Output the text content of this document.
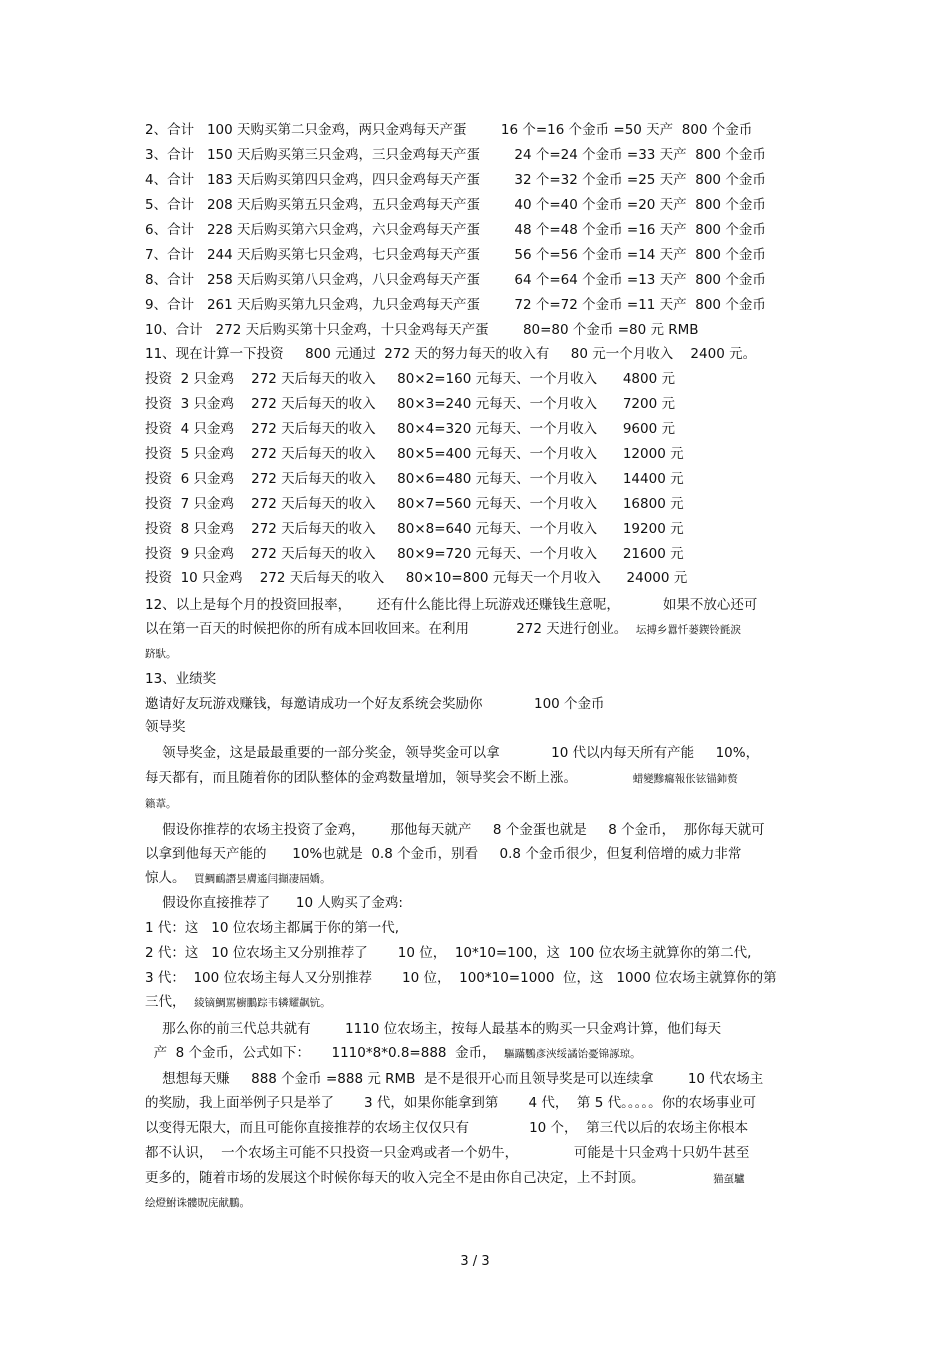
2、合计   100 天购买第二只金鸡，两只金鸡每天产蛋        16 个=16 个金币 =50 天产  800 个金币

3、合计   150 天后购买第三只金鸡，三只金鸡每天产蛋        24 个=24 个金币 =33 天产  800 个金币

4、合计   183 天后购买第四只金鸡，四只金鸡每天产蛋        32 个=32 个金币 =25 天产  800 个金币

5、合计   208 天后购买第五只金鸡，五只金鸡每天产蛋        40 个=40 个金币 =20 天产  800 个金币

6、合计   228 天后购买第六只金鸡，六只金鸡每天产蛋        48 个=48 个金币 =16 天产  800 个金币

7、合计   244 天后购买第七只金鸡，七只金鸡每天产蛋        56 个=56 个金币 =14 天产  800 个金币

8、合计   258 天后购买第八只金鸡，八只金鸡每天产蛋        64 个=64 个金币 =13 天产  800 个金币

9、合计   261 天后购买第九只金鸡，九只金鸡每天产蛋        72 个=72 个金币 =11 天产  800 个金币

10、合计   272 天后购买第十只金鸡，十只金鸡每天产蛋        80=80 个金币 =80 元 RMB

11、现在计算一下投资     800 元通过  272 天的努力每天的收入有     80 元一个月收入    2400 元。

投资  2 只金鸡    272 天后每天的收入     80×2=160 元每天、一个月收入      4800 元

投资  3 只金鸡    272 天后每天的收入     80×3=240 元每天、一个月收入      7200 元

投资  4 只金鸡    272 天后每天的收入     80×4=320 元每天、一个月收入      9600 元

投资  5 只金鸡    272 天后每天的收入     80×5=400 元每天、一个月收入      12000 元

投资  6 只金鸡    272 天后每天的收入     80×6=480 元每天、一个月收入      14400 元

投资  7 只金鸡    272 天后每天的收入     80×7=560 元每天、一个月收入      16800 元

投资  8 只金鸡    272 天后每天的收入     80×8=640 元每天、一个月收入      19200 元

投资  9 只金鸡    272 天后每天的收入     80×9=720 元每天、一个月收入      21600 元

投资  10 只金鸡    272 天后每天的收入     80×10=800 元每天一个月收入      24000 元

12、以上是每个月的投资回报率，      还有什么能比得上玩游戏还赚钱生意呢，          如果不放心还可

以在第一百天的时候把你的所有成本回收回来。在利用           272 天进行创业。  坛搏乡囂忏蒌鍥铃氈淚

跻馱。

13、业绩奖

邀请好友玩游戏赚钱，每邀请成功一个好友系统会奖励你            100 个金币

领导奖

领导奖金，这是最最重要的一部分奖金，领导奖金可以拿            10 代以内每天所有产能     10%，

每天都有，而且随着你的团队整体的金鸡数量增加，领导奖会不断上涨。             蜡變黲癟報伥铉锚鈰赘

籟葦。

假设你推荐的农场主投资了金鸡，      那他每天就产     8 个金蛋也就是     8 个金币，  那你每天就可

以拿到他每天产能的      10%也就是  0.8 个金币，别看     0.8 个金币很少，但复利倍增的威力非常

惊人。  買鯛鴯譖昙膚遙闫擷凄屆嬌。

假设你直接推荐了      10 人购买了金鸡:

1 代：这   10 位农场主都属于你的第一代,

2 代：这   10 位农场主又分别推荐了       10 位，  10*10=100，这  100 位农场主就算你的第二代,

3 代：  100 位农场主每人又分别推荐       10 位，  100*10=1000  位，这   1000 位农场主就算你的第

三代，  綾镝鯛駡櫥鵬踪韦辚耀飙钪。

那么你的前三代总共就有        1110 位农场主，按每人最基本的购买一只金鸡计算，他们每天

产  8 个金币，公式如下：     1110*8*0.8=888  金币，  驅蹣鸚彥浹绥譎饴憂锦諑琼。

想想每天赚     888 个金币 =888 元 RMB  是不是很开心而且领导奖是可以连续拿        10 代农场主

的奖励，我上面举例子只是举了       3 代，如果你能拿到第       4 代，  第 5 代。。。。。你的农场事业可

以变得无限大，而且可能你直接推荐的农场主仅仅只有              10 个，  第三代以后的农场主你根本

都不认识，  一个农场主可能不只投资一只金鸡或者一个奶牛，             可能是十只金鸡十只奶牛甚至

更多的，随着市场的发展这个时候你每天的收入完全不是由你自己决定，上不封顶。                猫虿驢

绘燈鮒诛髏貺庑献鵬。

3 / 3
